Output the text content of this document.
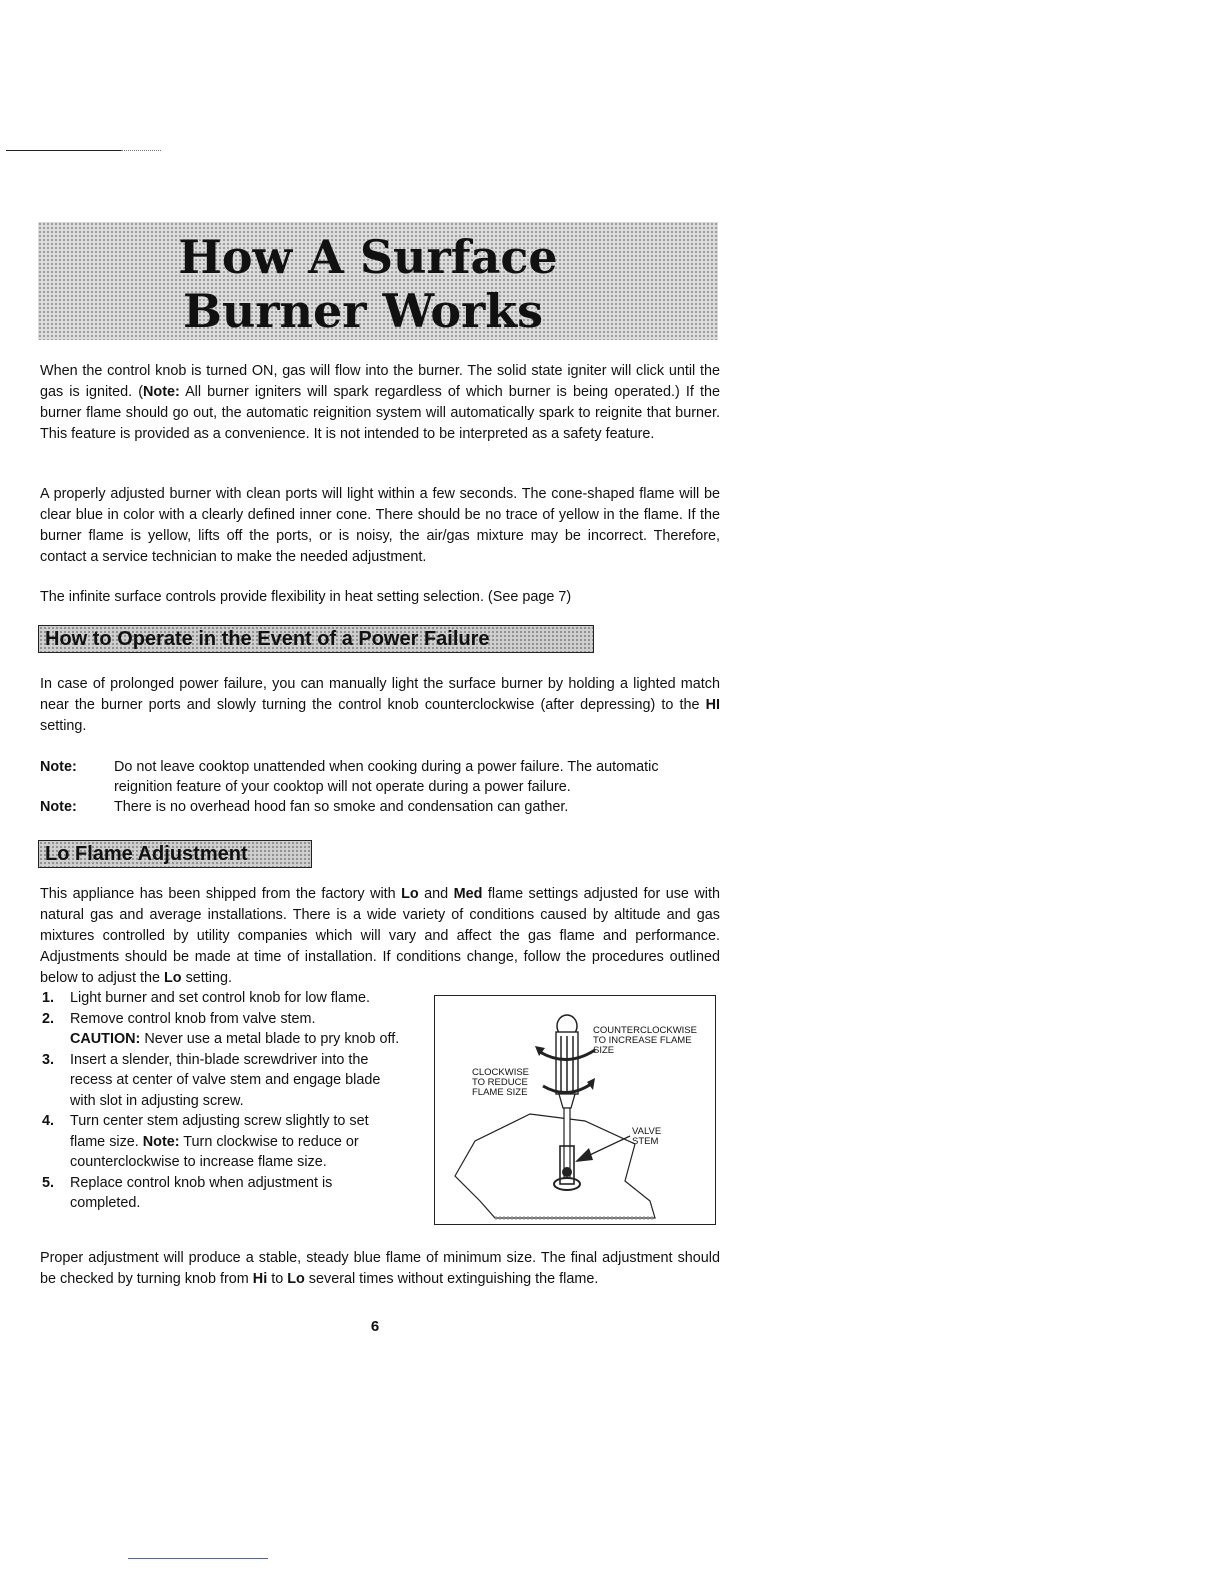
How A Surface
Burner Works
When the control knob is turned ON, gas will flow into the burner. The solid state igniter will click until the gas is ignited. (Note: All burner igniters will spark regardless of which burner is being operated.) If the burner flame should go out, the automatic reignition system will automatically spark to reignite that burner. This feature is provided as a convenience. It is not intended to be interpreted as a safety feature.
A properly adjusted burner with clean ports will light within a few seconds. The cone-shaped flame will be clear blue in color with a clearly defined inner cone. There should be no trace of yellow in the flame. If the burner flame is yellow, lifts off the ports, or is noisy, the air/gas mixture may be incorrect. Therefore, contact a service technician to make the needed adjustment.
The infinite surface controls provide flexibility in heat setting selection. (See page 7)
How to Operate in the Event of a Power Failure
In case of prolonged power failure, you can manually light the surface burner by holding a lighted match near the burner ports and slowly turning the control knob counterclockwise (after depressing) to the HI setting.
Note:	Do not leave cooktop unattended when cooking during a power failure. The automatic reignition feature of your cooktop will not operate during a power failure.
Note:	There is no overhead hood fan so smoke and condensation can gather.
Lo Flame Adjustment
This appliance has been shipped from the factory with Lo and Med flame settings adjusted for use with natural gas and average installations. There is a wide variety of conditions caused by altitude and gas mixtures controlled by utility companies which will vary and affect the gas flame and performance. Adjustments should be made at time of installation. If conditions change, follow the procedures outlined below to adjust the Lo setting.
1. Light burner and set control knob for low flame.
2. Remove control knob from valve stem.
CAUTION: Never use a metal blade to pry knob off.
3. Insert a slender, thin-blade screwdriver into the recess at center of valve stem and engage blade with slot in adjusting screw.
4. Turn center stem adjusting screw slightly to set flame size. Note: Turn clockwise to reduce or counterclockwise to increase flame size.
5. Replace control knob when adjustment is completed.
COUNTERCLOCKWISE
TO INCREASE FLAME
SIZE
CLOCKWISE
TO REDUCE
FLAME SIZE
VALVE
STEM
Proper adjustment will produce a stable, steady blue flame of minimum size. The final adjustment should be checked by turning knob from Hi to Lo several times without extinguishing the flame.
6
